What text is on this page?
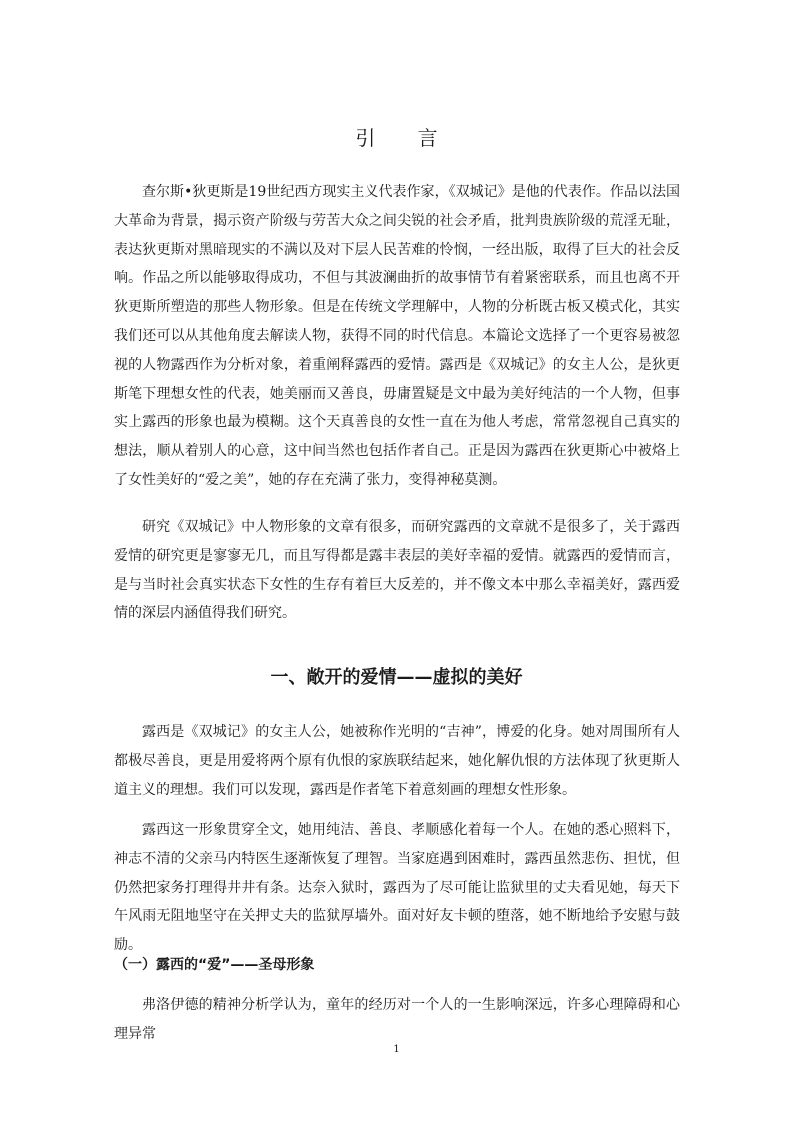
引 言

查尔斯•狄更斯是19世纪西方现实主义代表作家，《双城记》是他的代表作。作品以法国大革命为背景，揭示资产阶级与劳苦大众之间尖锐的社会矛盾，批判贵族阶级的荒淫无耻，表达狄更斯对黑暗现实的不满以及对下层人民苦难的怜悯，一经出版，取得了巨大的社会反响。作品之所以能够取得成功，不但与其波澜曲折的故事情节有着紧密联系，而且也离不开狄更斯所塑造的那些人物形象。但是在传统文学理解中，人物的分析既古板又模式化，其实我们还可以从其他角度去解读人物，获得不同的时代信息。本篇论文选择了一个更容易被忽视的人物露西作为分析对象，着重阐释露西的爱情。露西是《双城记》的女主人公，是狄更斯笔下理想女性的代表，她美丽而又善良，毋庸置疑是文中最为美好纯洁的一个人物，但事实上露西的形象也最为模糊。这个天真善良的女性一直在为他人考虑，常常忽视自己真实的想法，顺从着别人的心意，这中间当然也包括作者自己。正是因为露西在狄更斯心中被烙上了女性美好的“爱之美”，她的存在充满了张力，变得神秘莫测。

研究《双城记》中人物形象的文章有很多，而研究露西的文章就不是很多了，关于露西爱情的研究更是寥寥无几，而且写得都是露丰表层的美好幸福的爱情。就露西的爱情而言，是与当时社会真实状态下女性的生存有着巨大反差的，并不像文本中那么幸福美好，露西爱情的深层内涵值得我们研究。

一、敞开的爱情——虚拟的美好

露西是《双城记》的女主人公，她被称作光明的“吉神”，博爱的化身。她对周围所有人都极尽善良，更是用爱将两个原有仇恨的家族联结起来，她化解仇恨的方法体现了狄更斯人道主义的理想。我们可以发现，露西是作者笔下着意刻画的理想女性形象。

露西这一形象贯穿全文，她用纯洁、善良、孝顺感化着每一个人。在她的悉心照料下，神志不清的父亲马内特医生逐渐恢复了理智。当家庭遇到困难时，露西虽然悲伤、担忧，但仍然把家务打理得井井有条。达奈入狱时，露西为了尽可能让监狱里的丈夫看见她，每天下午风雨无阻地坚守在关押丈夫的监狱厚墙外。面对好友卡顿的堕落，她不断地给予安慰与鼓励。

（一）露西的“爱”——圣母形象

弗洛伊德的精神分析学认为，童年的经历对一个人的一生影响深远，许多心理障碍和心理异常

1
